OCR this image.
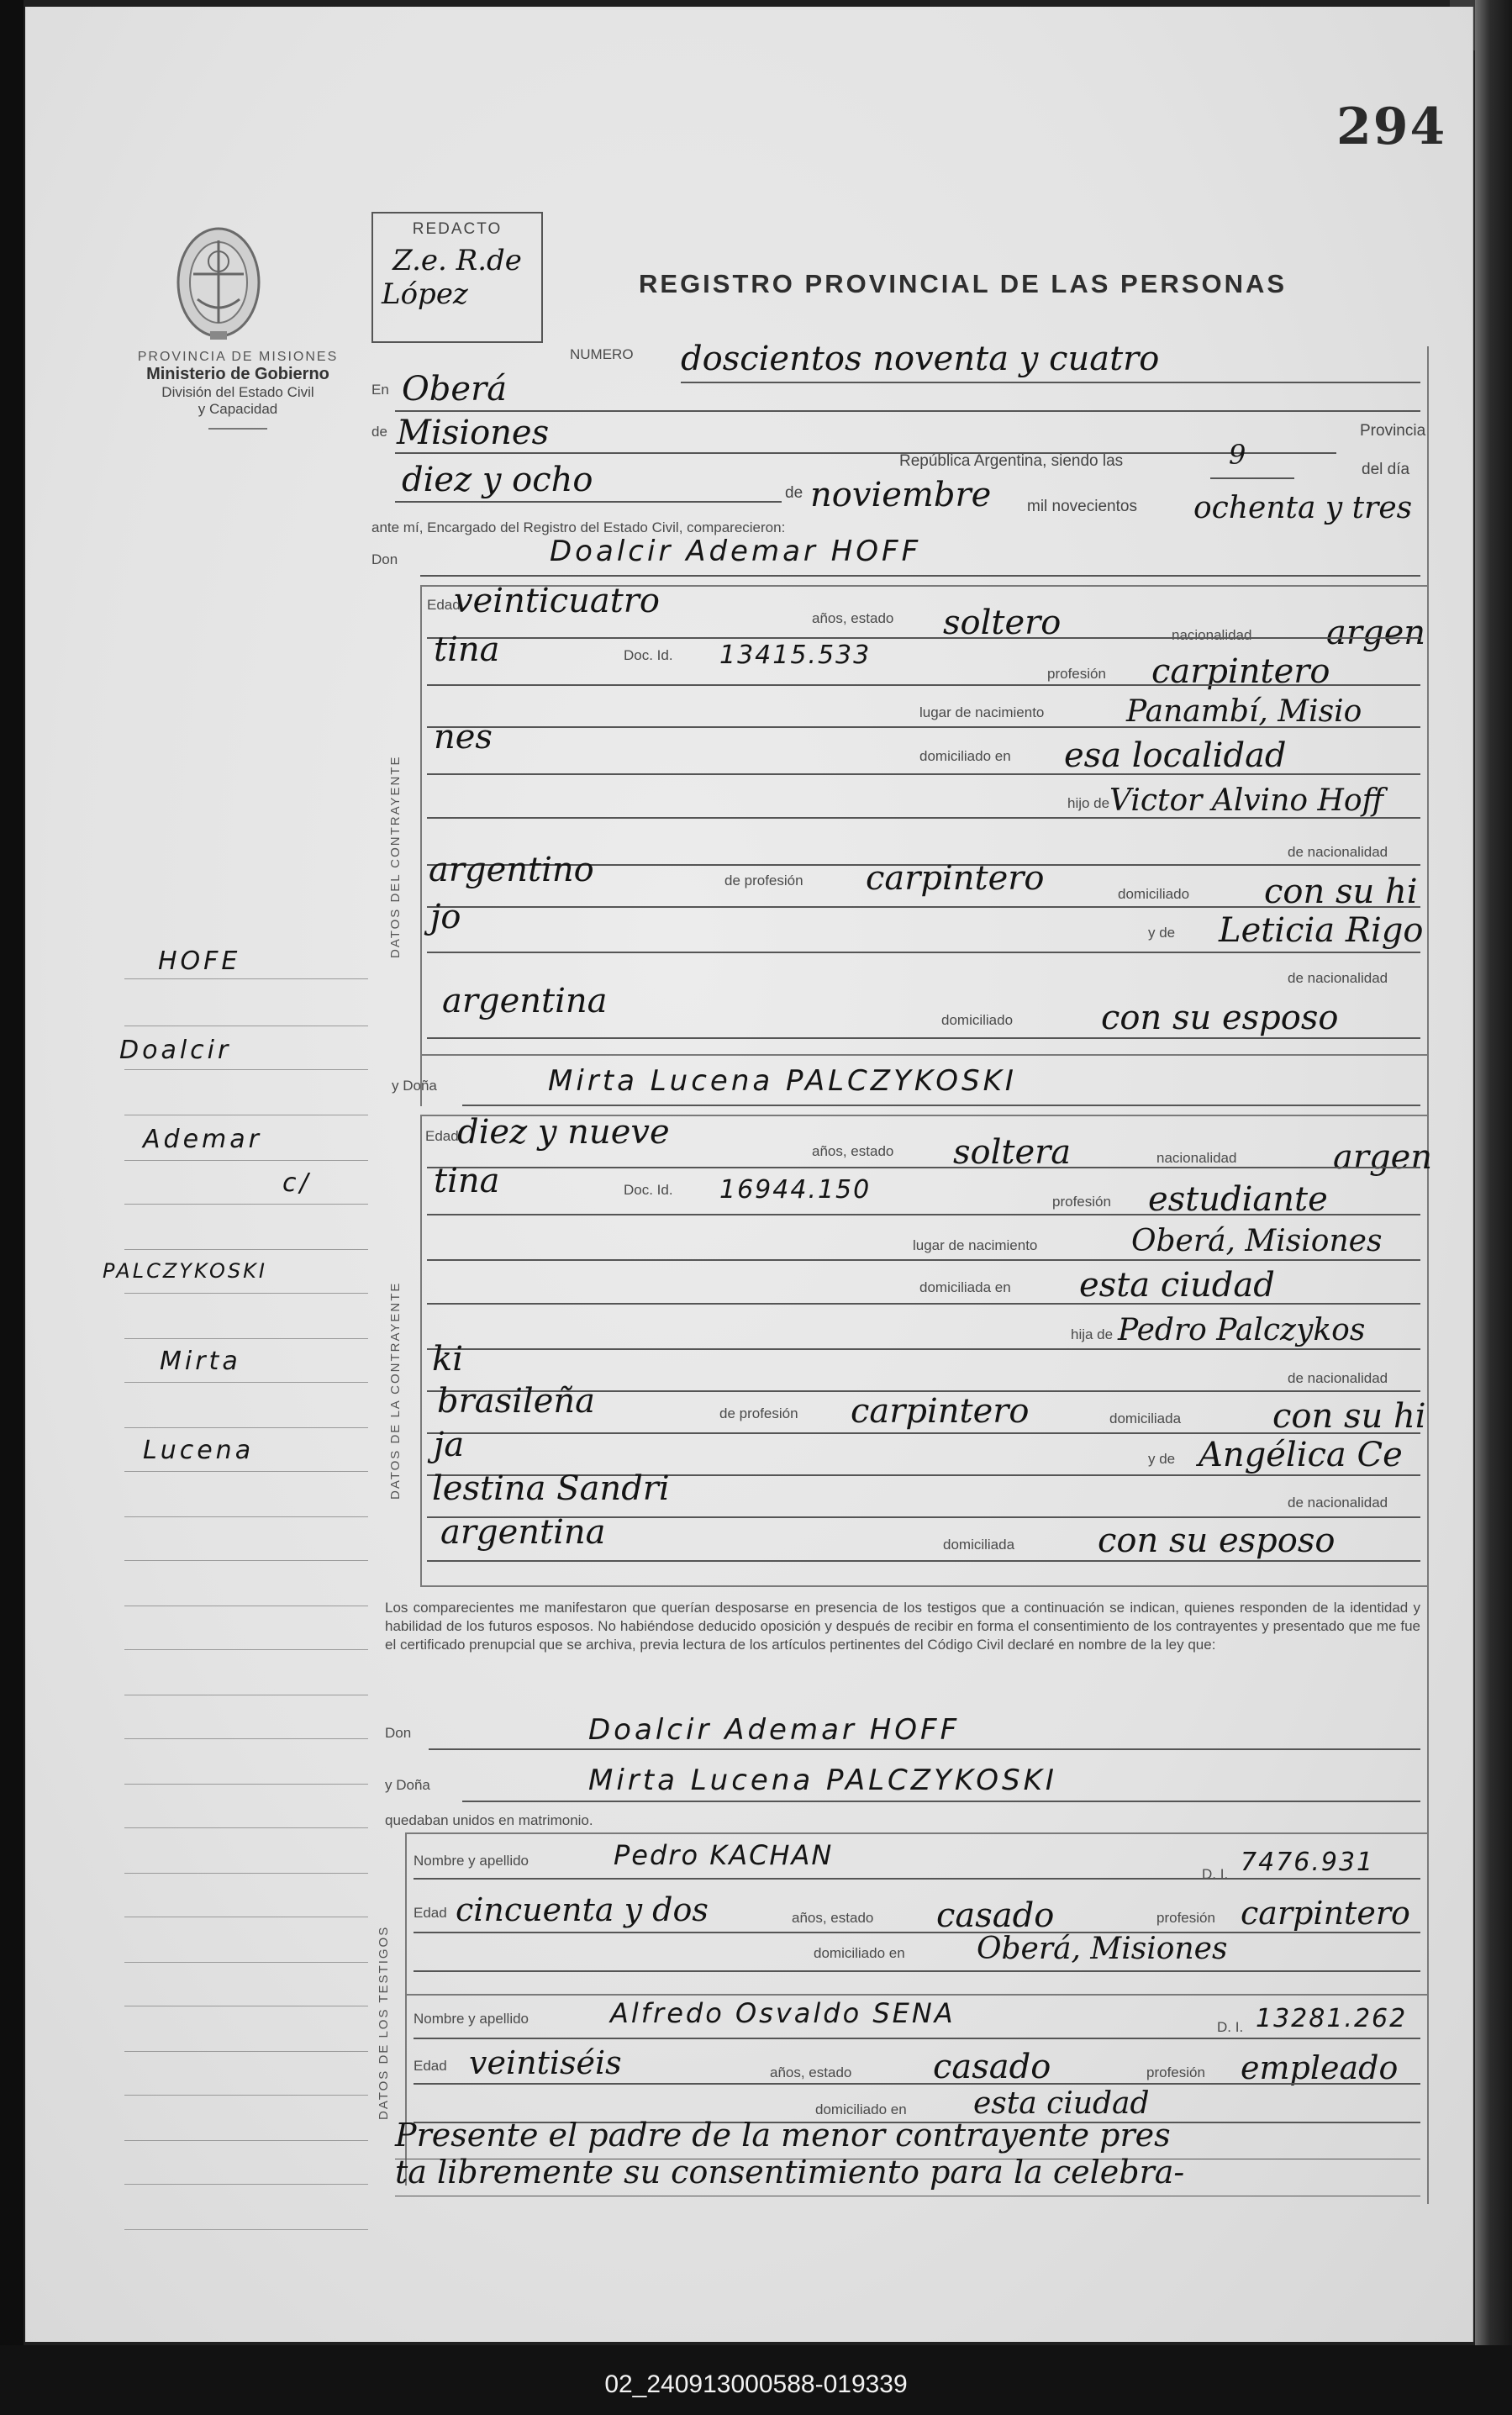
294
PROVINCIA DE MISIONES
Ministerio de Gobierno
División del Estado Civil
y Capacidad
REDACTO
Z.e. R.de
López	REGISTRO PROVINCIAL DE LAS PERSONAS
NUMERO doscientos noventa y cuatro
En Oberá
de Misiones	Provincia
República Argentina, siendo las	9	del día
diez y ocho	de noviembre mil novecientos ochenta y tres
ante mí, Encargado del Registro del Estado Civil, comparecieron:
Don	Doalcir Ademar HOFF
DATOS DEL CONTRAYENTE
Edad
veinticuatro	años, estado soltero	nacionalidad argen
tina	Doc. Id. 13415.533
profesión carpintero
lugar de nacimiento	Panambí, Misio
nes	domiciliado en esa localidad
hijo de Victor Alvino Hoff
de nacionalidad
argentino	de profesión carpintero	domiciliado con su hi
jo	y de Leticia Rigo
de nacionalidad
argentina	domiciliado	con su esposo
y Doña	Mirta Lucena PALCZYKOSKI
DATOS DE LA CONTRAYENTE
Edad
diez y nueve	años, estado soltera	nacionalidad	argen
tina	Doc. Id. 16944.150	profesión estudiante
lugar de nacimiento	Oberá, Misiones
domiciliada en esta ciudad
hija de Pedro Palczykos
ki	de nacionalidad
brasileña	de profesión carpintero	domiciliada	con su hi
ja	y de Angélica Ce
lestina Sandri	de nacionalidad
argentina	domiciliada con su esposo
Los comparecientes me manifestaron que querían desposarse en presencia de los testigos que a continuación se indican, quienes responden de la identidad y habilidad de los futuros esposos. No habiéndose deducido oposición y después de recibir en forma el consentimiento de los contrayentes y presentado que me fue el certificado prenupcial que se archiva, previa lectura de los artículos pertinentes del Código Civil declaré en nombre de la ley que:
Don	Doalcir Ademar HOFF
y Doña	Mirta Lucena PALCZYKOSKI
quedaban unidos en matrimonio.
DATOS DE LOS TESTIGOS
Nombre y apellido	Pedro KACHAN
D. I. 7476.931
Edad cincuenta y dos	años, estado casado	profesión carpintero
domiciliado en Oberá, Misiones
Nombre y apellido	Alfredo Osvaldo SENA	D. I. 13281.262
Edad veintiséis	años, estado casado	profesión empleado
domiciliado en esta ciudad
Presente el padre de la menor contrayente pres
ta libremente su consentimiento para la celebra-
HOFE
Doalcir
Ademar
c/
PALCZYKOSKI
Mirta
Lucena
02_240913000588-019339
